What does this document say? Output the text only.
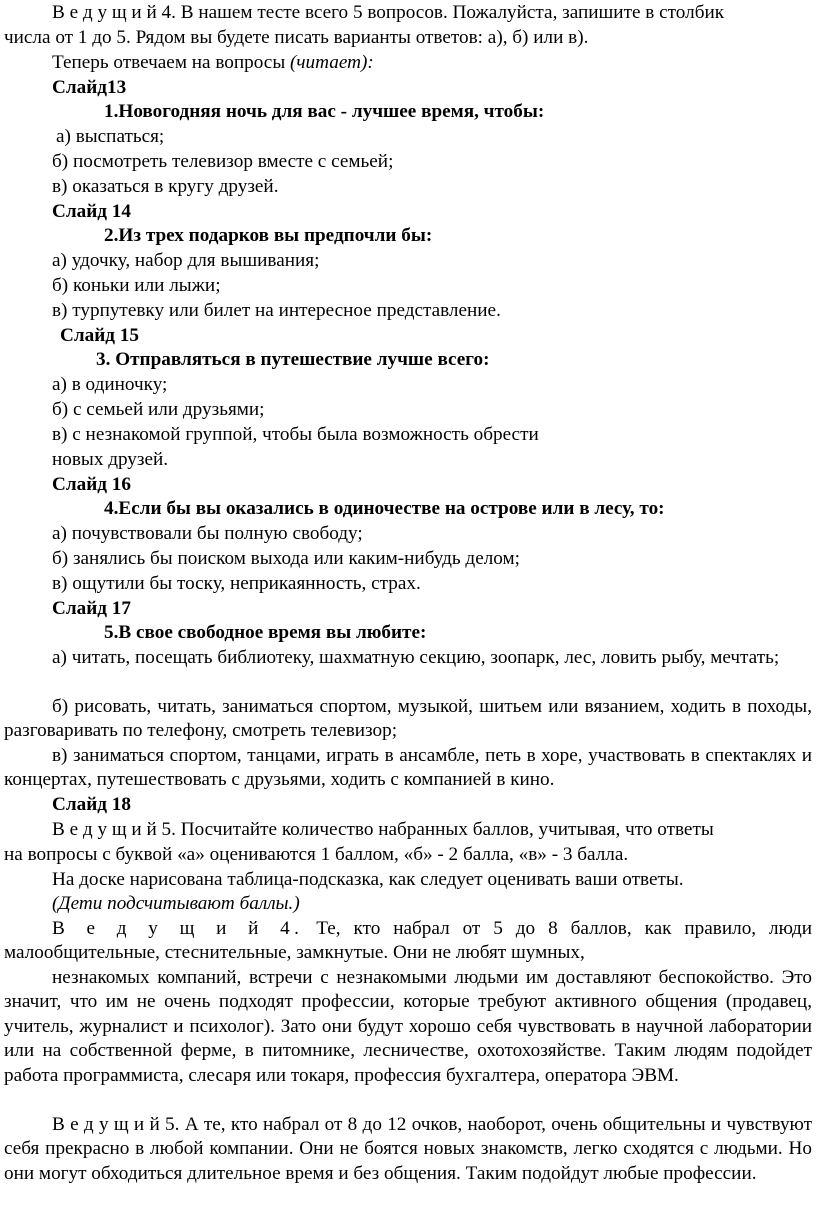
В е д у щ и й 4. В нашем тесте всего 5 вопросов. Пожалуйста, запишите в столбик

числа от 1 до 5. Рядом вы будете писать варианты ответов: а), б) или в).

Теперь отвечаем на вопросы (читает):

Слайд13

1.Новогодняя ночь для вас - лучшее время, чтобы:

а) выспаться;

б) посмотреть телевизор вместе с семьей;

в) оказаться в кругу друзей.

Слайд 14

2.Из трех подарков вы предпочли бы:

а) удочку, набор для вышивания;

б) коньки или лыжи;

в) турпутевку или билет на интересное представление.

Слайд 15

3. Отправляться в путешествие лучше всего:

а) в одиночку;

б) с семьей или друзьями;

в) с незнакомой группой, чтобы была возможность обрести

новых друзей.

Слайд 16

4.Если бы вы оказались в одиночестве на острове или в лесу, то:

а) почувствовали бы полную свободу;

б) занялись бы поиском выхода или каким-нибудь делом;

в) ощутили бы тоску, неприкаянность, страх.

Слайд 17

5.В свое свободное время вы любите:

а) читать, посещать библиотеку, шахматную секцию, зоопарк, лес, ловить рыбу, мечтать;

б) рисовать, читать, заниматься спортом, музыкой, шитьем или вязанием, ходить в походы, разговаривать по телефону, смотреть телевизор;

в) заниматься спортом, танцами, играть в ансамбле, петь в хоре, участвовать в спектаклях и концертах, путешествовать с друзьями, ходить с компанией в кино.

Слайд 18

В е д у щ и й 5. Посчитайте количество набранных баллов, учитывая, что ответы

на вопросы с буквой «а» оцениваются 1 баллом, «б» - 2 балла, «в» - 3 балла.

На доске нарисована таблица-подсказка, как следует оценивать ваши ответы.

(Дети подсчитывают баллы.)

В е д у щ и й 4. Те, кто набрал от 5 до 8 баллов, как правило, люди малообщительные, стеснительные, замкнутые. Они не любят шумных,

незнакомых компаний, встречи с незнакомыми людьми им доставляют беспокойство. Это значит, что им не очень подходят профессии, которые требуют активного общения (продавец, учитель, журналист и психолог). Зато они будут хорошо себя чувствовать в научной лаборатории или на собственной ферме, в питомнике, лесничестве, охотохозяйстве. Таким людям подойдет работа программиста, слесаря или токаря, профессия бухгалтера, оператора ЭВМ.

В е д у щ и й 5. А те, кто набрал от 8 до 12 очков, наоборот, очень общительны и чувствуют себя прекрасно в любой компании. Они не боятся новых знакомств, легко сходятся с людьми. Но они могут обходиться длительное время и без общения. Таким подойдут любые профессии.
